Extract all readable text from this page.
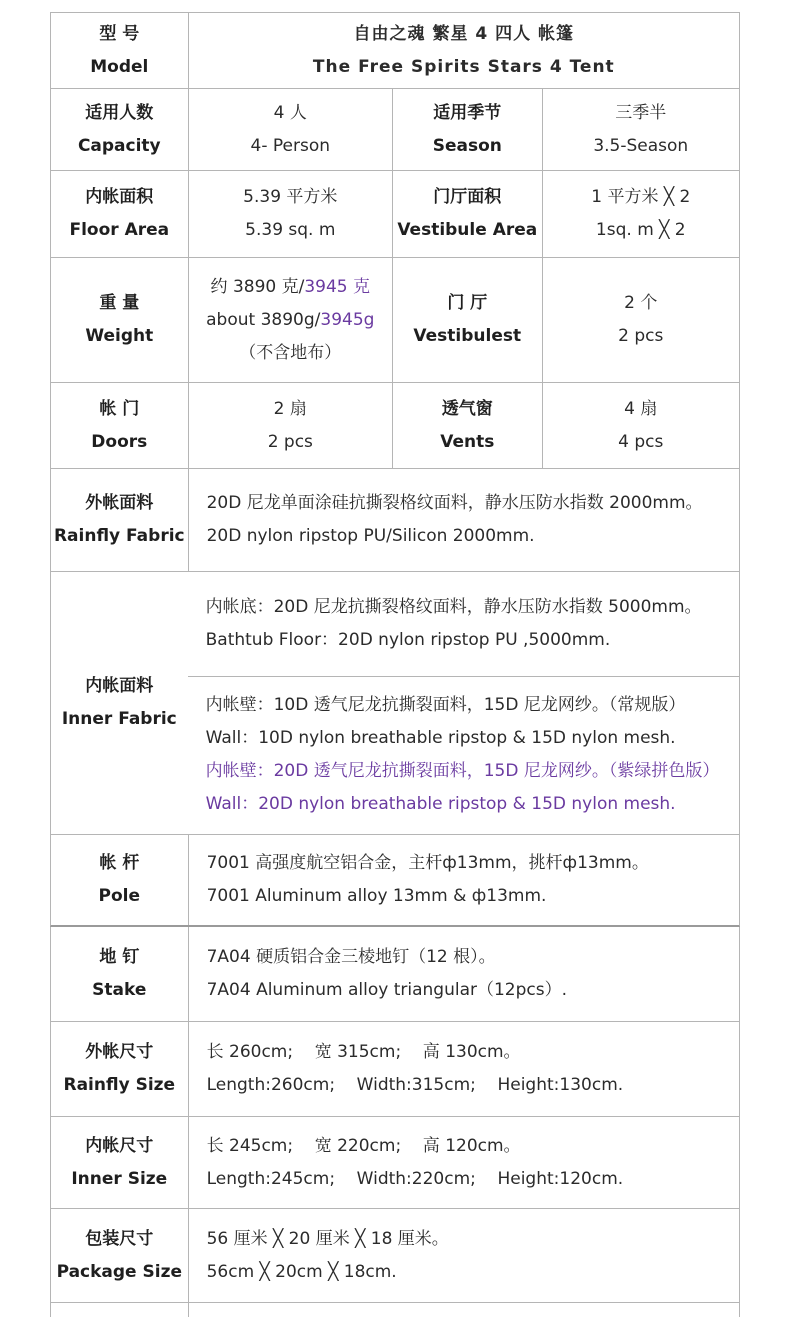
型 号
Model
自由之魂 繁星 4 四人 帐篷
The Free Spirits Stars 4 Tent
适用人数
Capacity
4 人
4- Person
适用季节
Season
三季半
3.5-Season
内帐面积
Floor Area
5.39 平方米
5.39 sq. m
门厅面积
Vestibule Area
1 平方米 ╳ 2
1sq. m ╳ 2
重 量
Weight
约 3890 克/3945 克
about 3890g/3945g
（不含地布）
门 厅
Vestibulest
2 个
2 pcs
帐 门
Doors
2 扇
2 pcs
透气窗
Vents
4 扇
4 pcs
外帐面料
Rainfly Fabric
20D 尼龙单面涂硅抗撕裂格纹面料，静水压防水指数 2000mm。
20D nylon ripstop PU/Silicon 2000mm.
内帐面料
Inner Fabric
内帐底：20D 尼龙抗撕裂格纹面料，静水压防水指数 5000mm。
Bathtub Floor：20D nylon ripstop PU ,5000mm.
内帐壁：10D 透气尼龙抗撕裂面料，15D 尼龙网纱。（常规版）
Wall：10D nylon breathable ripstop & 15D nylon mesh.
内帐壁：20D 透气尼龙抗撕裂面料，15D 尼龙网纱。（紫绿拼色版）
Wall：20D nylon breathable ripstop & 15D nylon mesh.
帐 杆
Pole
7001 高强度航空铝合金，主杆ф13mm，挑杆ф13mm。
7001 Aluminum alloy 13mm & ф13mm.
地 钉
Stake
7A04 硬质铝合金三棱地钉（12 根）。
7A04 Aluminum alloy triangular（12pcs）.
外帐尺寸
Rainfly Size
长 260cm;    宽 315cm;    高 130cm。
Length:260cm;    Width:315cm;    Height:130cm.
内帐尺寸
Inner Size
长 245cm;    宽 220cm;    高 120cm。
Length:245cm;    Width:220cm;    Height:120cm.
包装尺寸
Package Size
56 厘米 ╳ 20 厘米 ╳ 18 厘米。
56cm ╳ 20cm ╳ 18cm.
